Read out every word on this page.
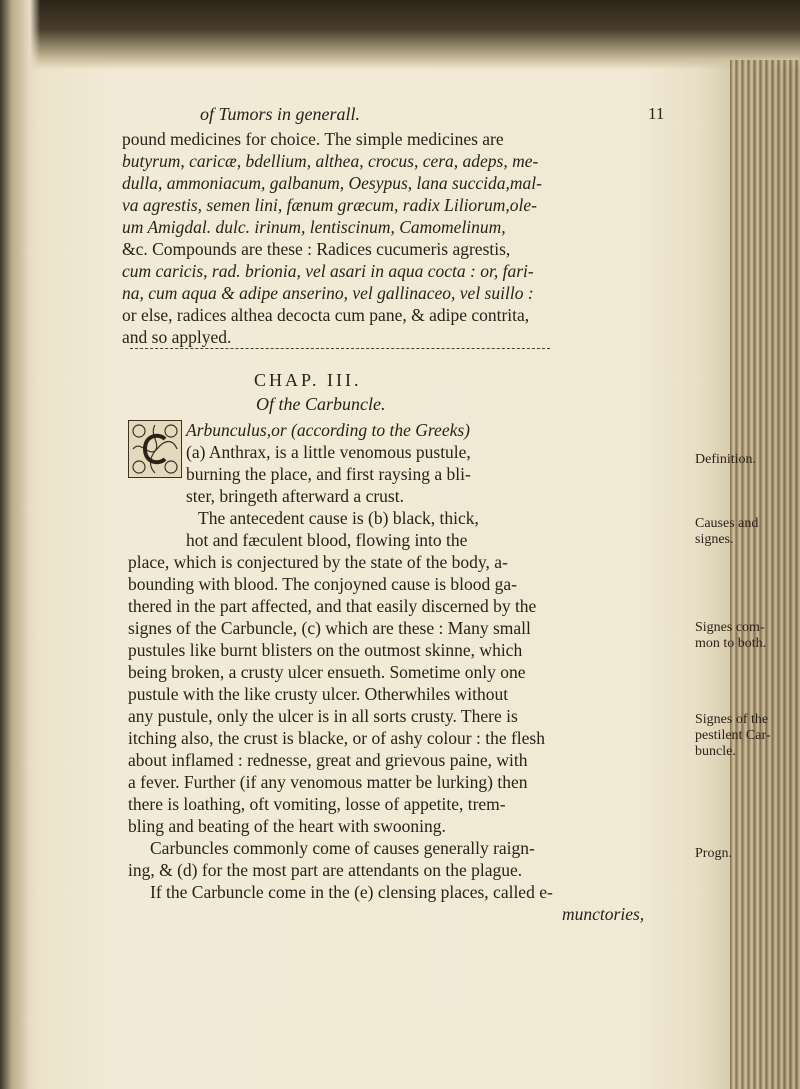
of Tumors in generall.	11
pound medicines for choice. The simple medicines are
butyrum, caricæ, bdellium, althea, crocus, cera, adeps, me-
dulla, ammoniacum, galbanum, Oesypus, lana succida,mal-
va agrestis, semen lini, fænum græcum, radix Liliorum,ole-
um Amigdal. dulc. irinum, lentiscinum, Camomelinum,
&c. Compounds are these : Radices cucumeris agrestis,
cum caricis, rad. brionia, vel asari in aqua cocta : or, fari-
na, cum aqua & adipe anserino, vel gallinaceo, vel suillo :
or else, radices althea decocta cum pane, & adipe contrita,
and so applyed.
CHAP. III.
Of the Carbuncle.
Arbunculus,or (according to the Greeks)
(a) Anthrax, is a little venomous pustule,
burning the place, and first raysing a bli-
ster, bringeth afterward a crust.
The antecedent cause is (b) black, thick,
hot and fæculent blood, flowing into the
place, which is conjectured by the state of the body, a-
bounding with blood. The conjoyned cause is blood ga-
thered in the part affected, and that easily discerned by the
signes of the Carbuncle, (c) which are these : Many small
pustules like burnt blisters on the outmost skinne, which
being broken, a crusty ulcer ensueth. Sometime only one
pustule with the like crusty ulcer. Otherwhiles without
any pustule, only the ulcer is in all sorts crusty. There is
itching also, the crust is blacke, or of ashy colour : the flesh
about inflamed : rednesse, great and grievous paine, with
a fever. Further (if any venomous matter be lurking) then
there is loathing, oft vomiting, losse of appetite, trem-
bling and beating of the heart with swooning.
Carbuncles commonly come of causes generally raign-
ing, & (d) for the most part are attendants on the plague.
If the Carbuncle come in the (e) clensing places, called e-
munctories,
Definition.
Causes and
signes.
Signes com-
mon to both.
Signes of the
pestilent Car-
buncle.
Progn.
